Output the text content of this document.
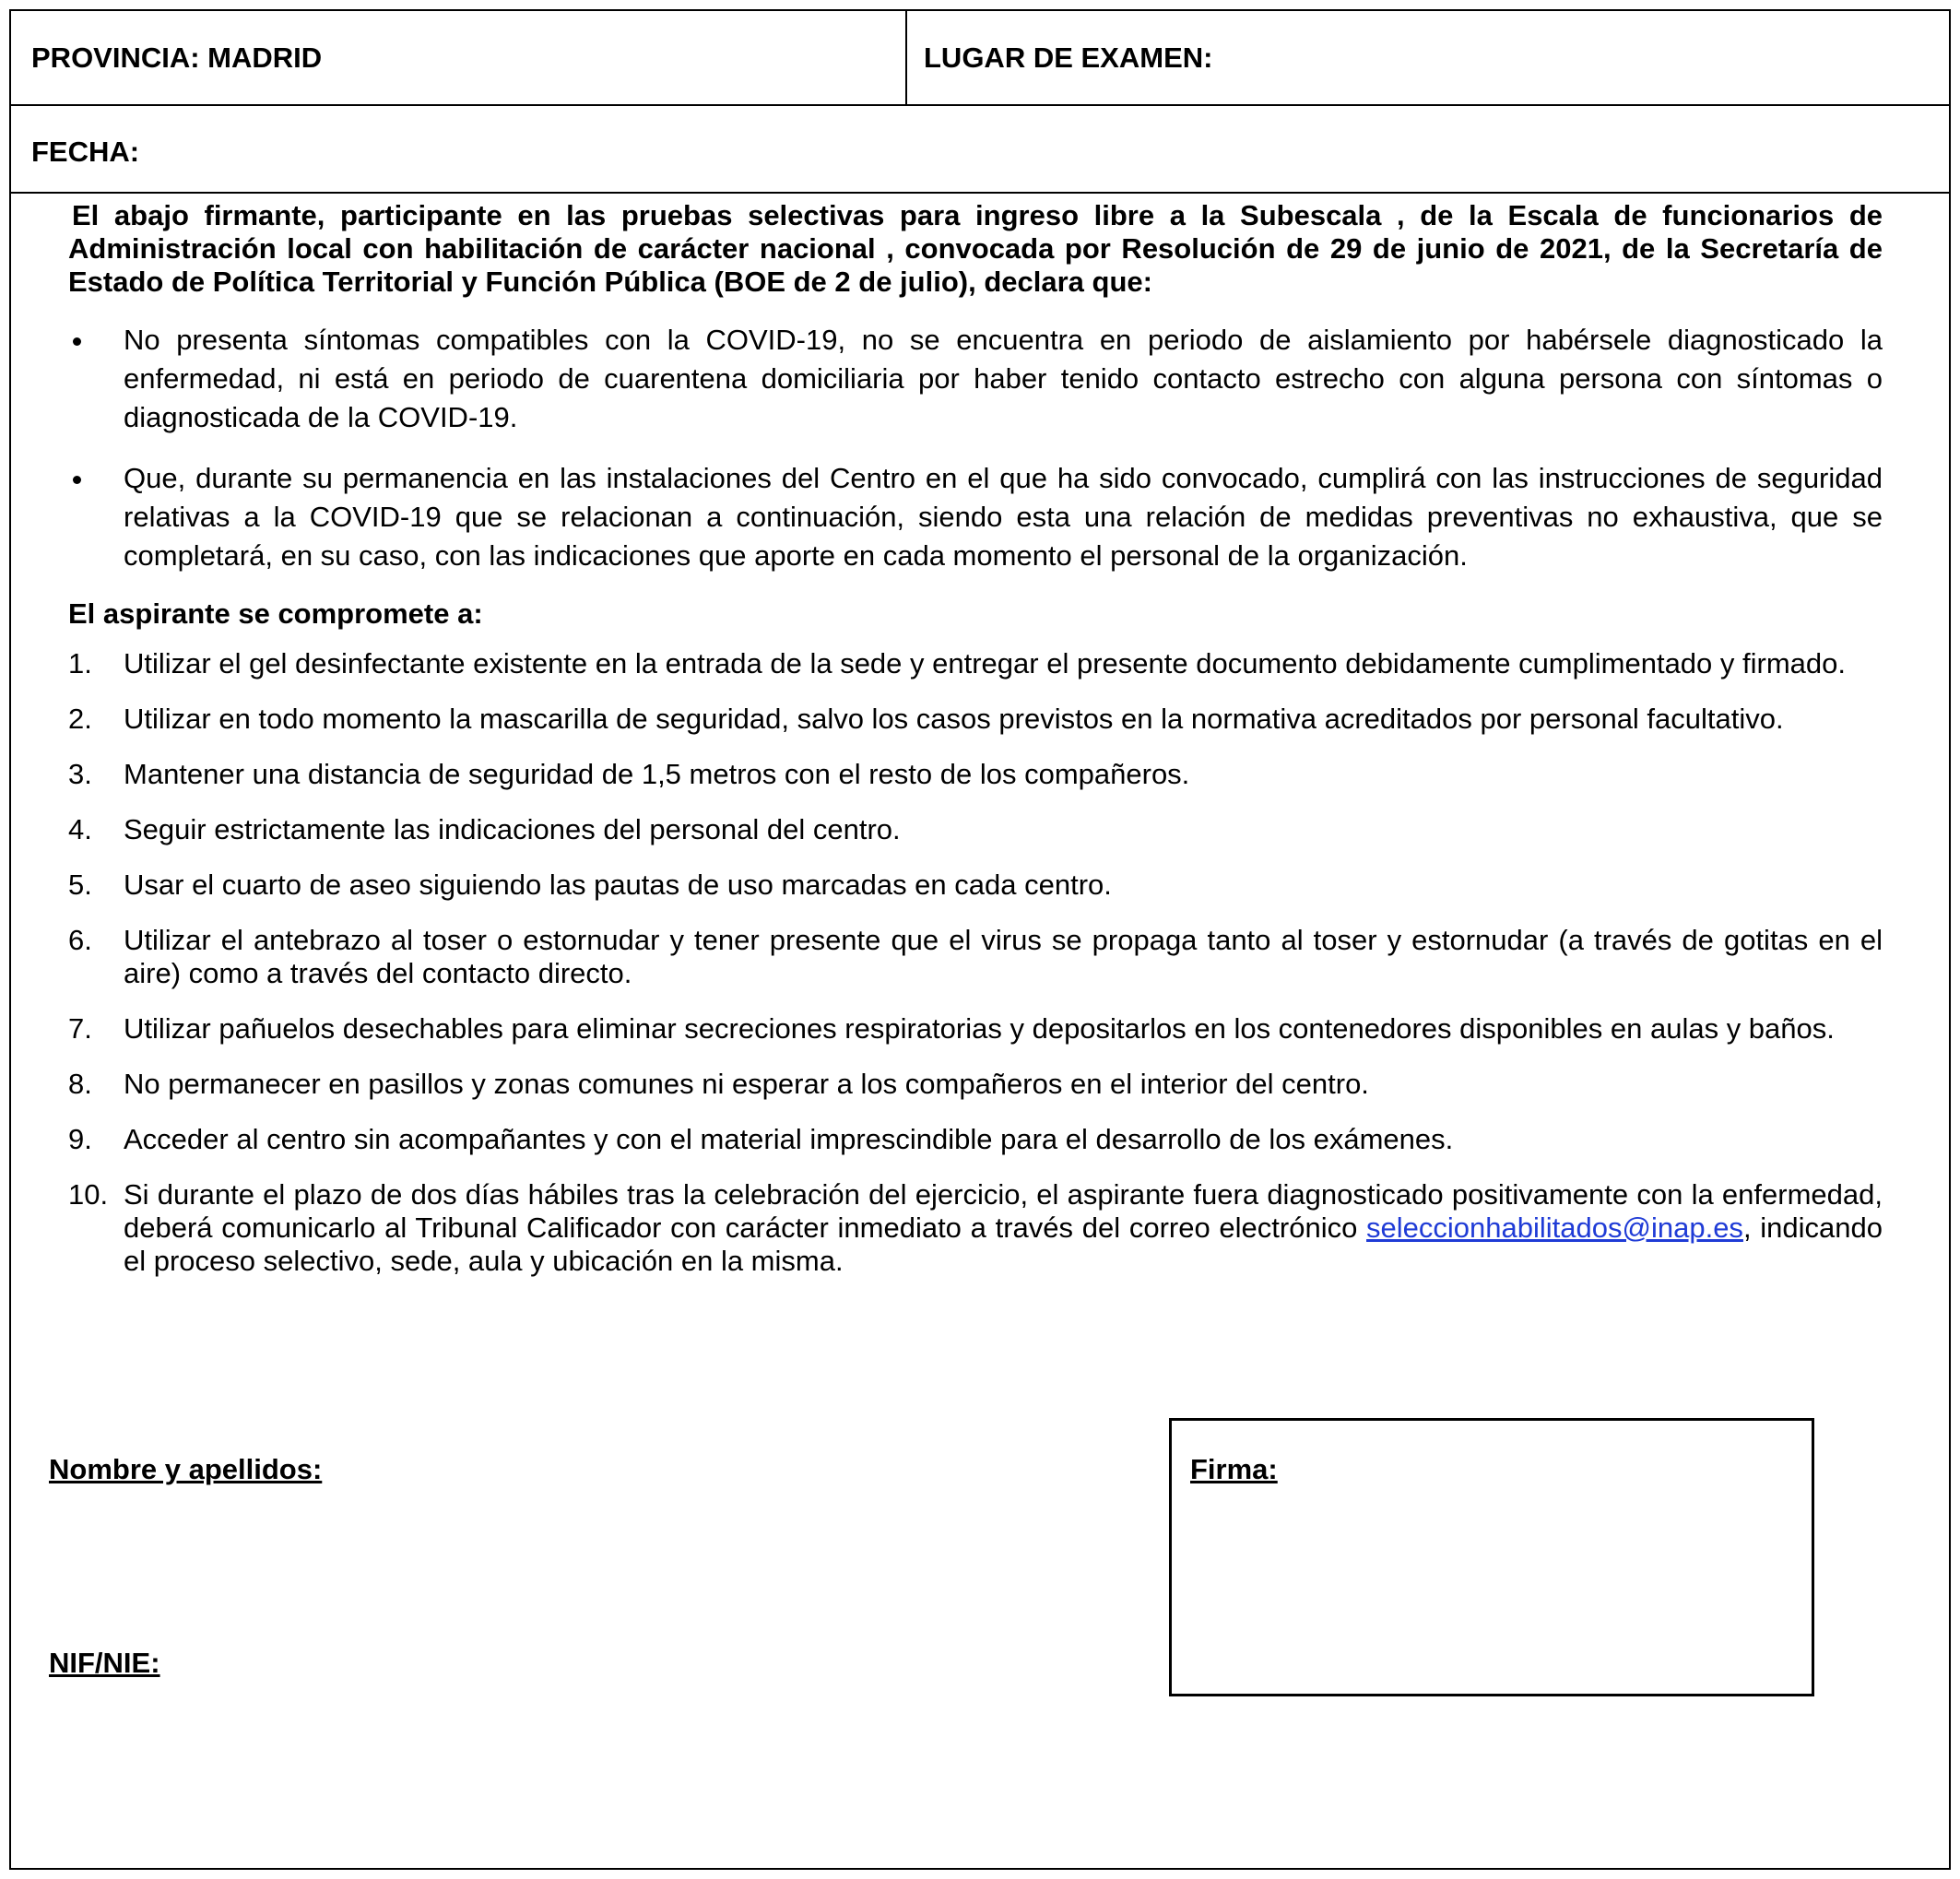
PROVINCIA: MADRID	LUGAR DE EXAMEN:
FECHA:

El abajo firmante, participante en las pruebas selectivas para ingreso libre a la Subescala , de la Escala de funcionarios de Administración local con habilitación de carácter nacional , convocada por Resolución de 29 de junio de 2021, de la Secretaría de Estado de Política Territorial y Función Pública (BOE de 2 de julio), declara que:

No presenta síntomas compatibles con la COVID-19, no se encuentra en periodo de aislamiento por habérsele diagnosticado la enfermedad, ni está en periodo de cuarentena domiciliaria por haber tenido contacto estrecho con alguna persona con síntomas o diagnosticada de la COVID-19.
Que, durante su permanencia en las instalaciones del Centro en el que ha sido convocado, cumplirá con las instrucciones de seguridad relativas a la COVID-19 que se relacionan a continuación, siendo esta una relación de medidas preventivas no exhaustiva, que se completará, en su caso, con las indicaciones que aporte en cada momento el personal de la organización.
El aspirante se compromete a:
1. Utilizar el gel desinfectante existente en la entrada de la sede y entregar el presente documento debidamente cumplimentado y firmado.
2. Utilizar en todo momento la mascarilla de seguridad, salvo los casos previstos en la normativa acreditados por personal facultativo.
3. Mantener una distancia de seguridad de 1,5 metros con el resto de los compañeros.
4. Seguir estrictamente las indicaciones del personal del centro.
5. Usar el cuarto de aseo siguiendo las pautas de uso marcadas en cada centro.
6. Utilizar el antebrazo al toser o estornudar y tener presente que el virus se propaga tanto al toser y estornudar (a través de gotitas en el aire) como a través del contacto directo.
7. Utilizar pañuelos desechables para eliminar secreciones respiratorias y depositarlos en los contenedores disponibles en aulas y baños.
8. No permanecer en pasillos y zonas comunes ni esperar a los compañeros en el interior del centro.
9. Acceder al centro sin acompañantes y con el material imprescindible para el desarrollo de los exámenes.
10. Si durante el plazo de dos días hábiles tras la celebración del ejercicio, el aspirante fuera diagnosticado positivamente con la enfermedad, deberá comunicarlo al Tribunal Calificador con carácter inmediato a través del correo electrónico seleccionhabilitados@inap.es, indicando el proceso selectivo, sede, aula y ubicación en la misma.
Nombre y apellidos:
NIF/NIE:
Firma:
